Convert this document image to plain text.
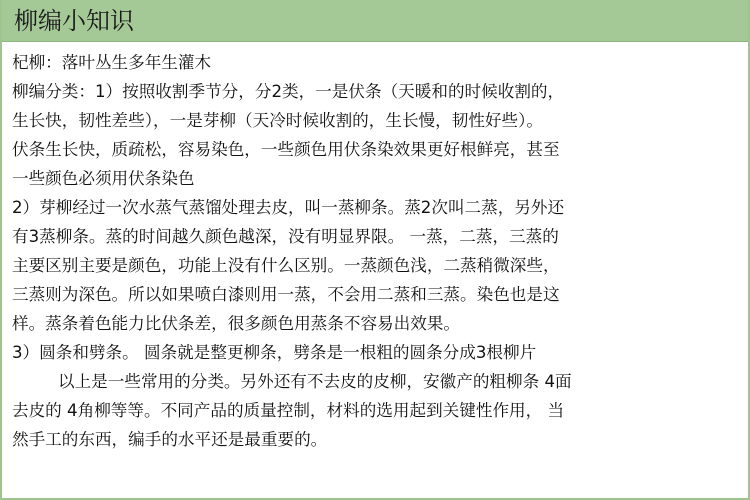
柳编小知识
杞柳：落叶丛生多年生灌木
柳编分类：1）按照收割季节分，分2类，一是伏条（天暖和的时候收割的，
生长快，韧性差些），一是芽柳（天冷时候收割的，生长慢，韧性好些）。
伏条生长快，质疏松，容易染色，一些颜色用伏条染效果更好根鲜亮，甚至
一些颜色必须用伏条染色
2）芽柳经过一次水蒸气蒸馏处理去皮，叫一蒸柳条。蒸2次叫二蒸，另外还
有3蒸柳条。蒸的时间越久颜色越深，没有明显界限。 一蒸，二蒸，三蒸的
主要区别主要是颜色，功能上没有什么区别。一蒸颜色浅，二蒸稍微深些，
三蒸则为深色。所以如果喷白漆则用一蒸，不会用二蒸和三蒸。染色也是这
样。蒸条着色能力比伏条差，很多颜色用蒸条不容易出效果。
3）圆条和劈条。 圆条就是整更柳条，劈条是一根粗的圆条分成3根柳片
以上是一些常用的分类。另外还有不去皮的皮柳，安徽产的粗柳条 4面
去皮的 4角柳等等。不同产品的质量控制，材料的选用起到关键性作用， 当
然手工的东西，编手的水平还是最重要的。
